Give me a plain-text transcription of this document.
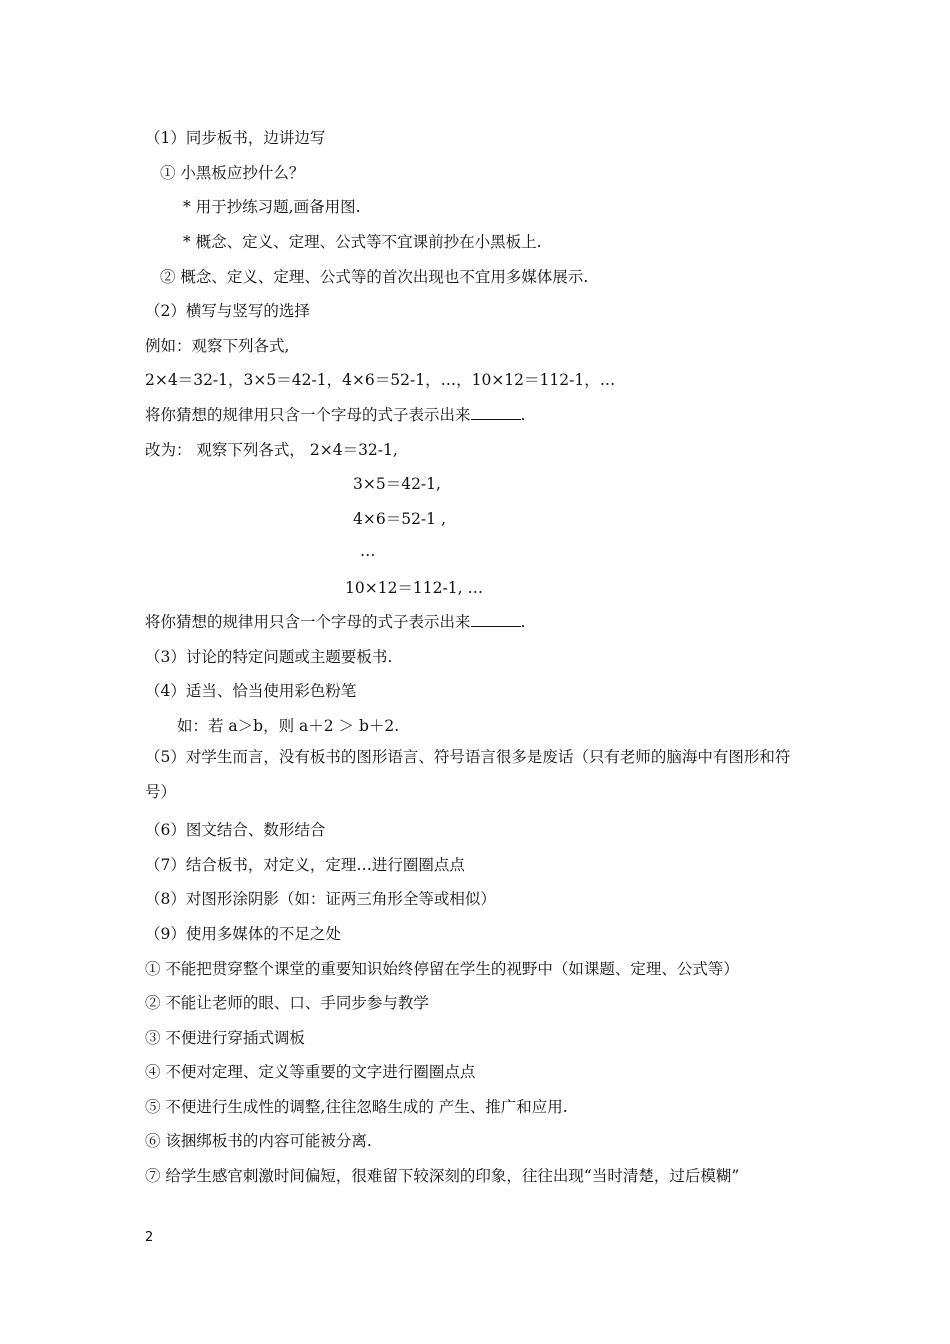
（1）同步板书，边讲边写
① 小黑板应抄什么？
* 用于抄练习题,画备用图.
* 概念、定义、定理、公式等不宜课前抄在小黑板上.
② 概念、定义、定理、公式等的首次出现也不宜用多媒体展示.
（2）横写与竖写的选择
例如：观察下列各式,
2×4＝32-1，3×5＝42-1，4×6＝52-1，…，10×12＝112-1，…
将你猜想的规律用只含一个字母的式子表示出来	.
改为： 观察下列各式， 2×4＝32-1,
3×5＝42-1,
4×6＝52-1 ,
…
10×12＝112-1, …
将你猜想的规律用只含一个字母的式子表示出来	.
（3）讨论的特定问题或主题要板书.
（4）适当、恰当使用彩色粉笔
如：若 a＞b，则 a＋2 ＞ b＋2.
（5）对学生而言，没有板书的图形语言、符号语言很多是废话（只有老师的脑海中有图形和符号）
（6）图文结合、数形结合
（7）结合板书，对定义，定理…进行圈圈点点
（8）对图形涂阴影（如：证两三角形全等或相似）
（9）使用多媒体的不足之处
① 不能把贯穿整个课堂的重要知识始终停留在学生的视野中（如课题、定理、公式等）
② 不能让老师的眼、口、手同步参与教学
③ 不便进行穿插式调板
④ 不便对定理、定义等重要的文字进行圈圈点点
⑤ 不便进行生成性的调整,往往忽略生成的 产生、推广和应用.
⑥ 该捆绑板书的内容可能被分离.
⑦ 给学生感官刺激时间偏短，很难留下较深刻的印象，往往出现“当时清楚，过后模糊”
2
